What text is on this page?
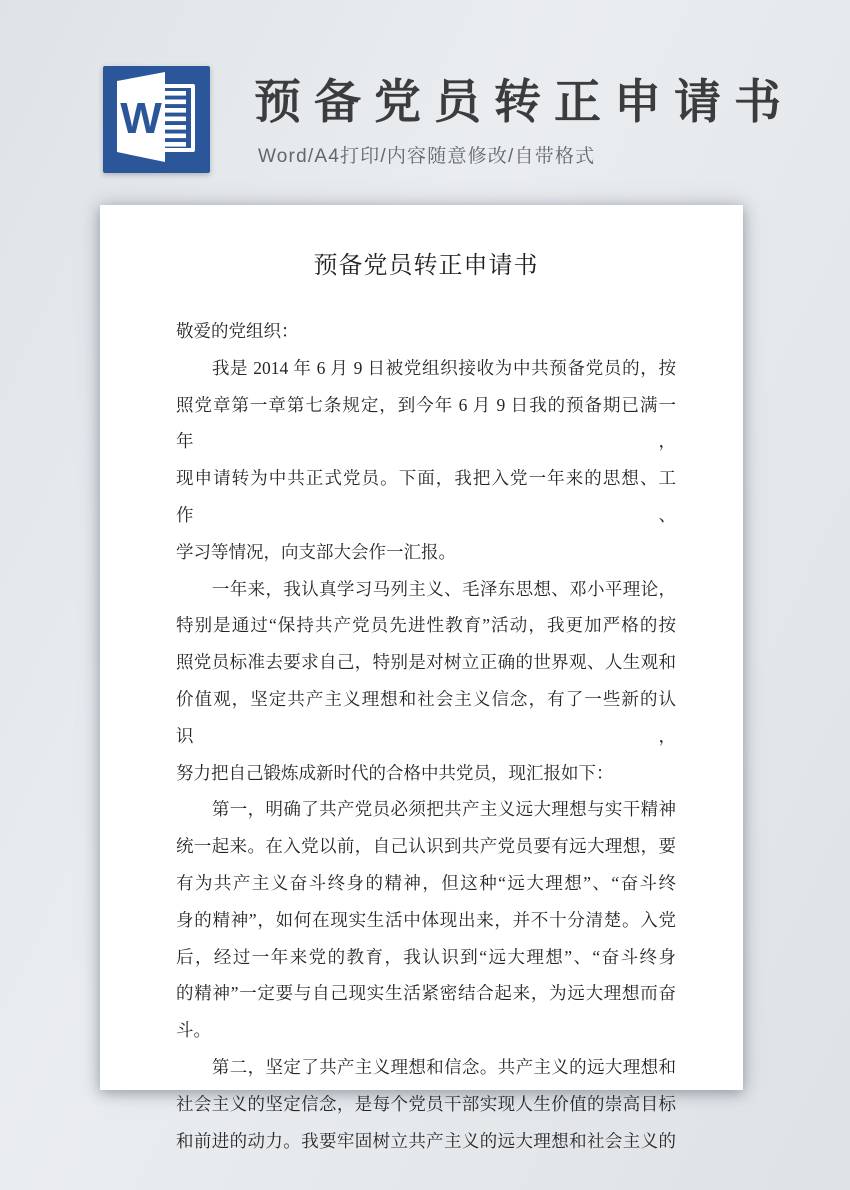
W 预备党员转正申请书
Word/A4打印/内容随意修改/自带格式
预备党员转正申请书

敬爱的党组织：

我是 2014 年 6 月 9 日被党组织接收为中共预备党员的，按
照党章第一章第七条规定，到今年 6 月 9 日我的预备期已满一年，
现申请转为中共正式党员。下面，我把入党一年来的思想、工作、
学习等情况，向支部大会作一汇报。
一年来，我认真学习马列主义、毛泽东思想、邓小平理论，
特别是通过“保持共产党员先进性教育”活动，我更加严格的按
照党员标准去要求自己，特别是对树立正确的世界观、人生观和
价值观，坚定共产主义理想和社会主义信念，有了一些新的认识，
努力把自己锻炼成新时代的合格中共党员，现汇报如下：
第一，明确了共产党员必须把共产主义远大理想与实干精神
统一起来。在入党以前，自己认识到共产党员要有远大理想，要
有为共产主义奋斗终身的精神，但这种“远大理想”、“奋斗终
身的精神”，如何在现实生活中体现出来，并不十分清楚。入党
后，经过一年来党的教育，我认识到“远大理想”、“奋斗终身
的精神”一定要与自己现实生活紧密结合起来，为远大理想而奋
斗。
第二，坚定了共产主义理想和信念。共产主义的远大理想和
社会主义的坚定信念，是每个党员干部实现人生价值的崇高目标
和前进的动力。我要牢固树立共产主义的远大理想和社会主义的
